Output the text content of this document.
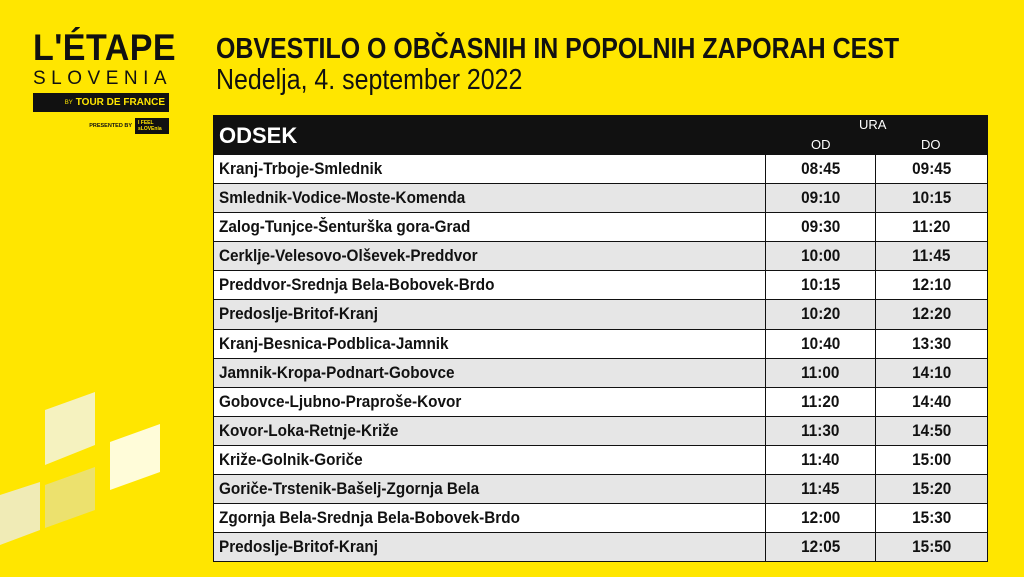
L'ÉTAPE
SLOVENIA
BY TOUR DE FRANCE
PRESENTED BY	I FEEL sLOVEnia
OBVESTILO O OBČASNIH IN POPOLNIH ZAPORAH CEST
Nedelja, 4. september 2022
ODSEK	URA
OD	DO
Kranj-Trboje-Smlednik	08:45	09:45
Smlednik-Vodice-Moste-Komenda	09:10	10:15
Zalog-Tunjce-Šenturška gora-Grad	09:30	11:20
Cerklje-Velesovo-Olševek-Preddvor	10:00	11:45
Preddvor-Srednja Bela-Bobovek-Brdo	10:15	12:10
Predoslje-Britof-Kranj	10:20	12:20
Kranj-Besnica-Podblica-Jamnik	10:40	13:30
Jamnik-Kropa-Podnart-Gobovce	11:00	14:10
Gobovce-Ljubno-Praproše-Kovor	11:20	14:40
Kovor-Loka-Retnje-Križe	11:30	14:50
Križe-Golnik-Goriče	11:40	15:00
Goriče-Trstenik-Bašelj-Zgornja Bela	11:45	15:20
Zgornja Bela-Srednja Bela-Bobovek-Brdo	12:00	15:30
Predoslje-Britof-Kranj	12:05	15:50
